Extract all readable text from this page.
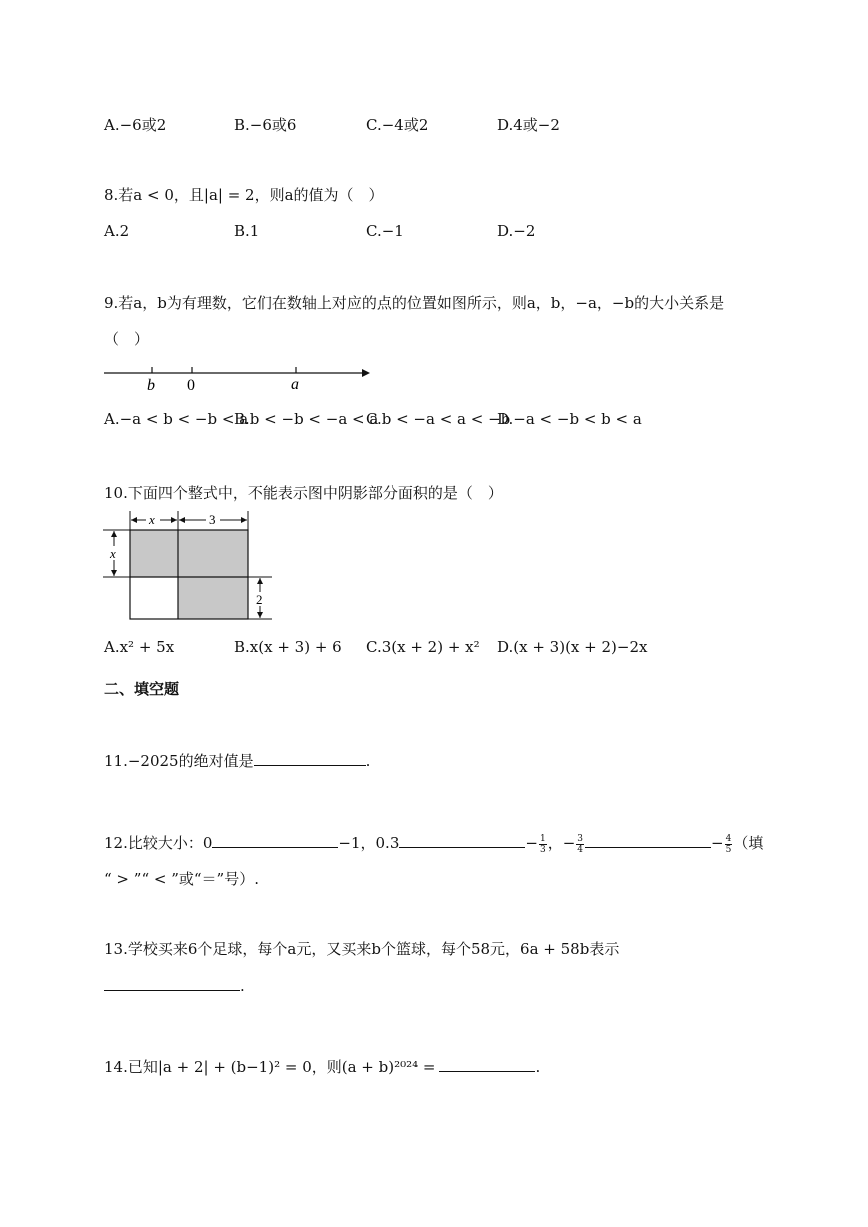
A.−6或2	B.−6或6	C.−4或2	D.4或−2
8.若a < 0，且|a| = 2，则a的值为（　）
A.2	B.1	C.−1	D.−2
9.若a，b为有理数，它们在数轴上对应的点的位置如图所示，则a，b，−a，−b的大小关系是
（　）
b 0	a
A.−a < b < −b < a
B.b < −b < −a < a
C.b < −a < a < −b
D.−a < −b < b < a
10.下面四个整式中，不能表示图中阴影部分面积的是（　）
x	3
x
2
A.x² + 5x	B.x(x + 3) + 6 C.3(x + 2) + x² D.(x + 3)(x + 2)−2x
二、填空题
11.−2025的绝对值是	.
12.比较大小：0	−1，0.3	− $\frac{1}{3}$ ，− $\frac{3}{4}$	− $\frac{4}{5}$ （填
“ > ”“ < ”或“＝”号）.
13.学校买来6个足球，每个a元，又买来b个篮球，每个58元，6a + 58b表示
.
14.已知|a + 2| + (b−1)² = 0，则(a + b)²⁰²⁴ =	.
